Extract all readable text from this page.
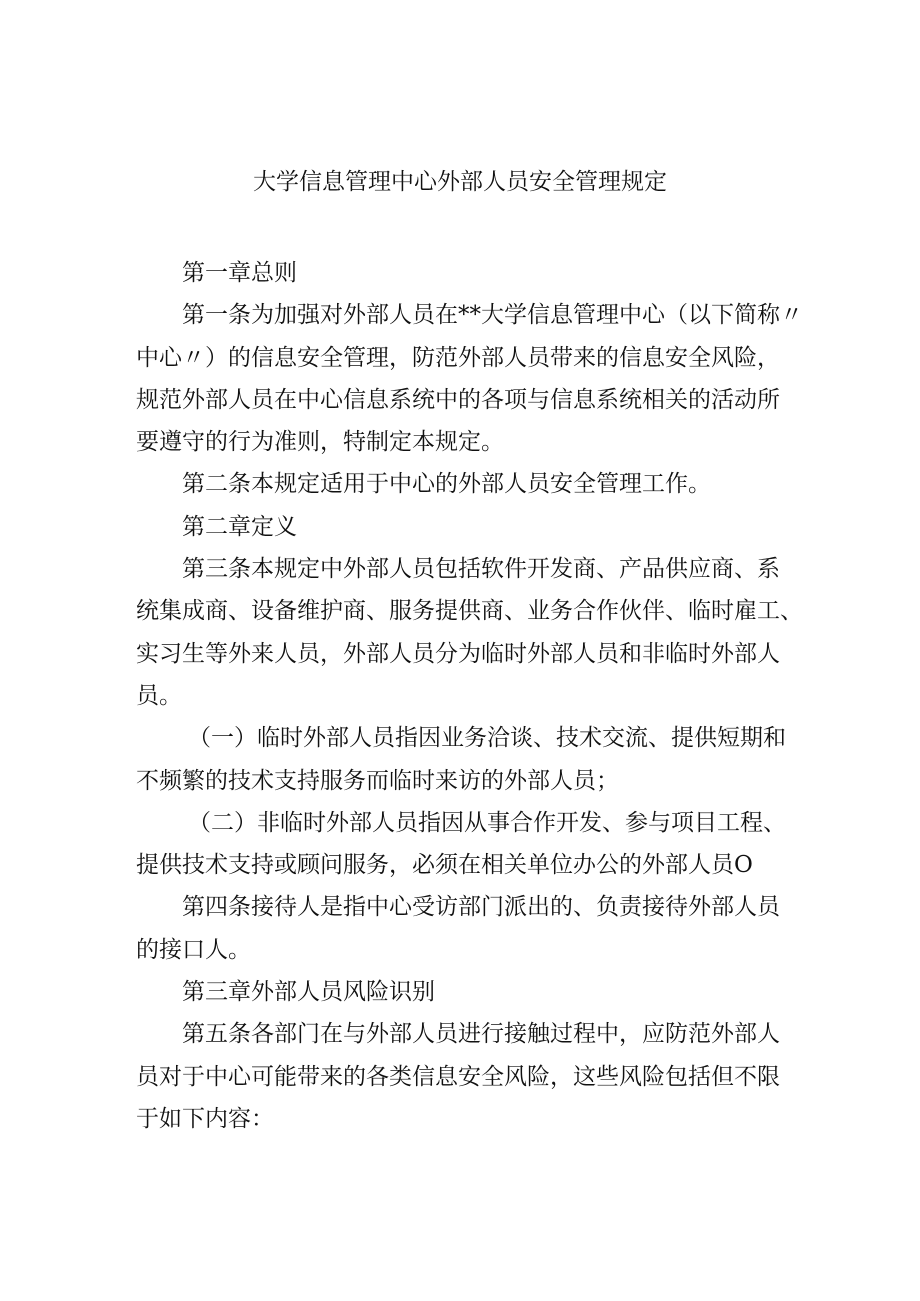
大学信息管理中心外部人员安全管理规定
第一章总则
第一条为加强对外部人员在**大学信息管理中心（以下简称〃
中心〃）的信息安全管理，防范外部人员带来的信息安全风险，
规范外部人员在中心信息系统中的各项与信息系统相关的活动所
要遵守的行为准则，特制定本规定。
第二条本规定适用于中心的外部人员安全管理工作。
第二章定义
第三条本规定中外部人员包括软件开发商、产品供应商、系
统集成商、设备维护商、服务提供商、业务合作伙伴、临时雇工、
实习生等外来人员，外部人员分为临时外部人员和非临时外部人
员。
（一）临时外部人员指因业务洽谈、技术交流、提供短期和
不频繁的技术支持服务而临时来访的外部人员；
（二）非临时外部人员指因从事合作开发、参与项目工程、
提供技术支持或顾问服务，必须在相关单位办公的外部人员O
第四条接待人是指中心受访部门派出的、负责接待外部人员
的接口人。
第三章外部人员风险识别
第五条各部门在与外部人员进行接触过程中，应防范外部人
员对于中心可能带来的各类信息安全风险，这些风险包括但不限
于如下内容：
